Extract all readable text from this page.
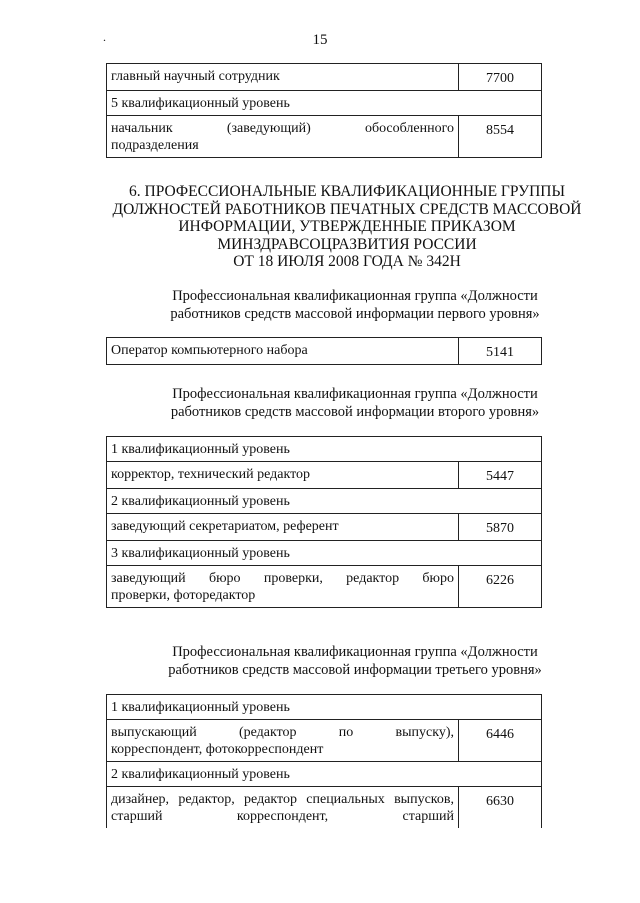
.	15
главный научный сотрудник	7700
5 квалификационный уровень	

начальник (заведующий) обособленного
подразделения	8554
6. ПРОФЕССИОНАЛЬНЫЕ КВАЛИФИКАЦИОННЫЕ ГРУППЫ
ДОЛЖНОСТЕЙ РАБОТНИКОВ ПЕЧАТНЫХ СРЕДСТВ МАССОВОЙ
ИНФОРМАЦИИ, УТВЕРЖДЕННЫЕ ПРИКАЗОМ
МИНЗДРАВСОЦРАЗВИТИЯ РОССИИ
ОТ 18 ИЮЛЯ 2008 ГОДА № 342Н
Профессиональная квалификационная группа «Должности
работников средств массовой информации первого уровня»
Оператор компьютерного набора	5141
Профессиональная квалификационная группа «Должности
работников средств массовой информации второго уровня»
1 квалификационный уровень	
корректор, технический редактор	5447
2 квалификационный уровень	
заведующий секретариатом, референт	5870
3 квалификационный уровень	

заведующий бюро проверки, редактор бюро
проверки, фоторедактор	6226
Профессиональная квалификационная группа «Должности
работников средств массовой информации третьего уровня»
1 квалификационный уровень	

выпускающий (редактор по выпуску),
корреспондент, фотокорреспондент	6446
2 квалификационный уровень	

дизайнер, редактор, редактор специальных выпусков,
старший корреспондент, старший	6630
